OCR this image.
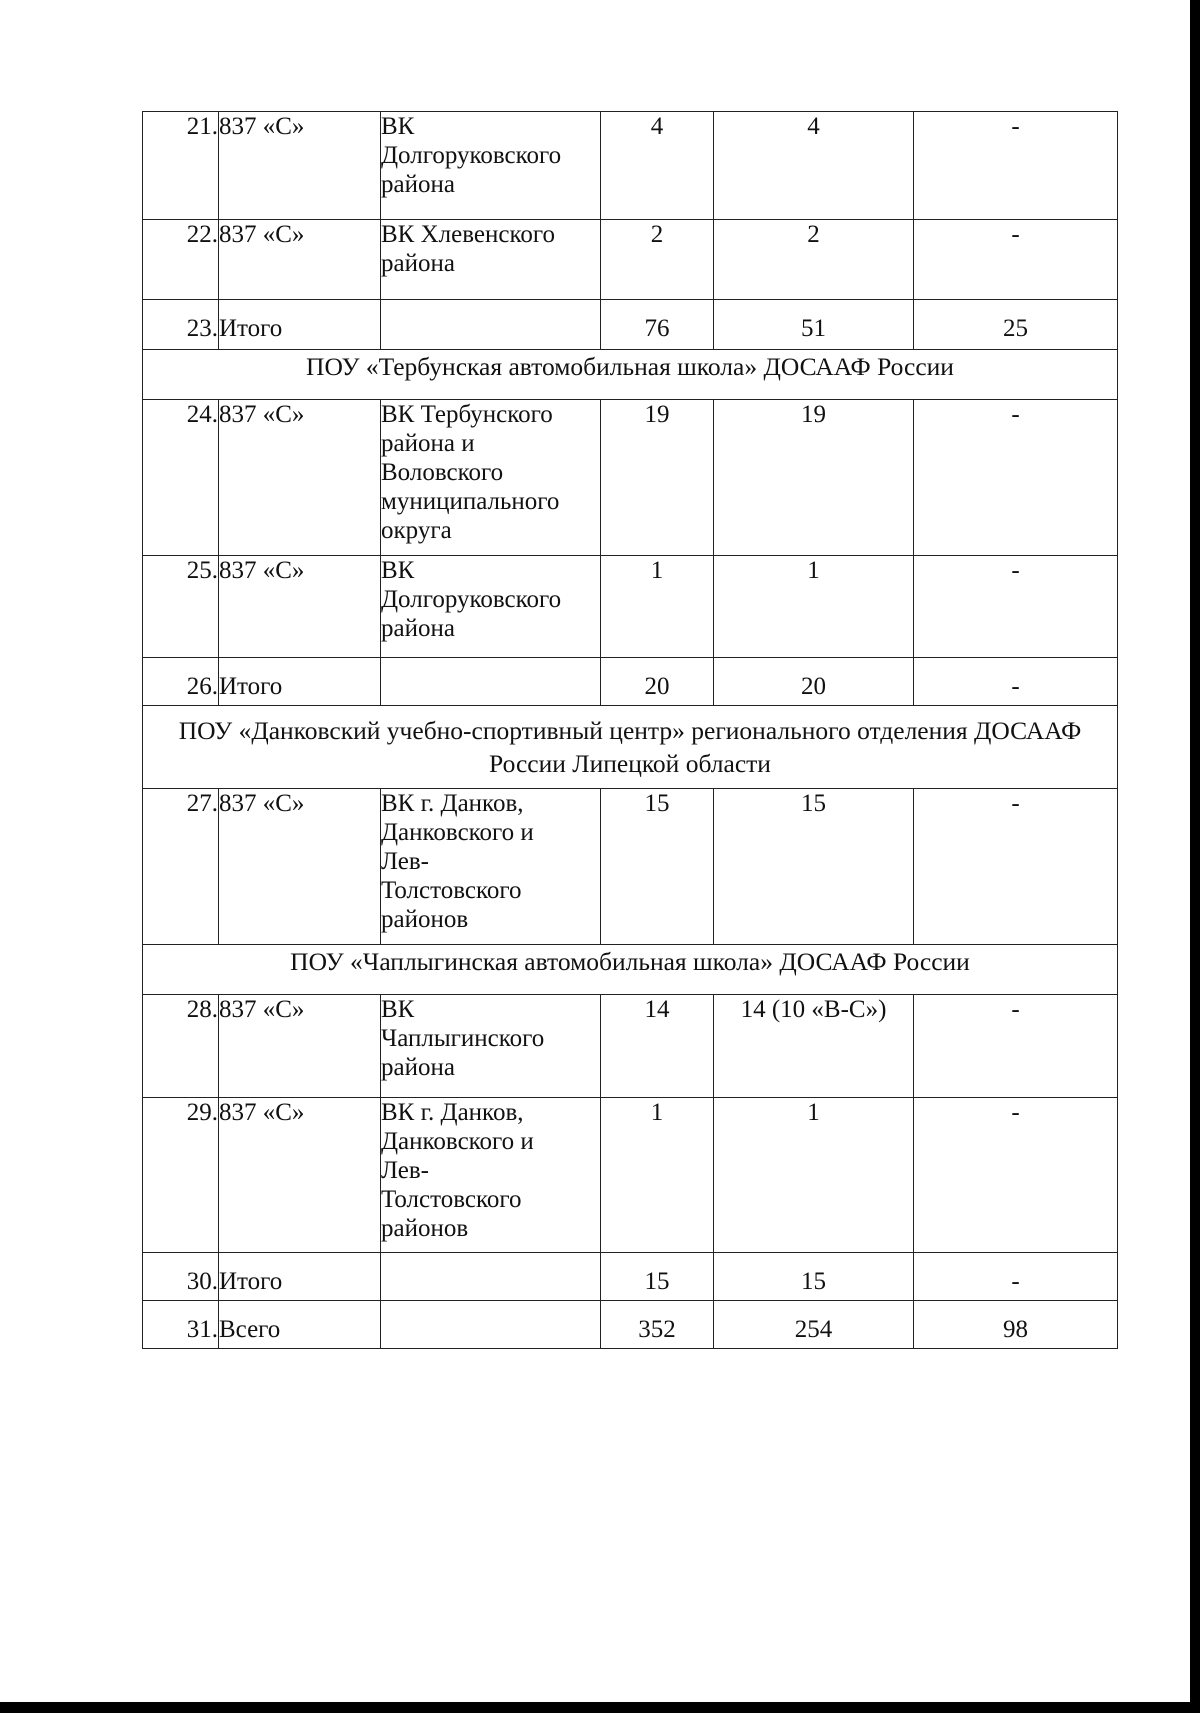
21.	837 «С»	ВК
Долгоруковского
района	4	4	-
22.	837 «С»	ВК Хлевенского
района	2	2	-
23.	Итого		76	51	25
ПОУ «Тербунская автомобильная школа» ДОСААФ России					
24.	837 «С»	ВК Тербунского
района и
Воловского
муниципального
округа	19	19	-
25.	837 «С»	ВК
Долгоруковского
района	1	1	-
26.	Итого		20	20	-
ПОУ «Данковский учебно-спортивный центр» регионального отделения ДОСААФ России Липецкой области					
27.	837 «С»	ВК г. Данков,
Данковского и
Лев-
Толстовского
районов	15	15	-
ПОУ «Чаплыгинская автомобильная школа» ДОСААФ России					
28.	837 «С»	ВК
Чаплыгинского
района	14	14 (10 «В-С»)	-
29.	837 «С»	ВК г. Данков,
Данковского и
Лев-
Толстовского
районов	1	1	-
30.	Итого		15	15	-
31.	Всего		352	254	98
